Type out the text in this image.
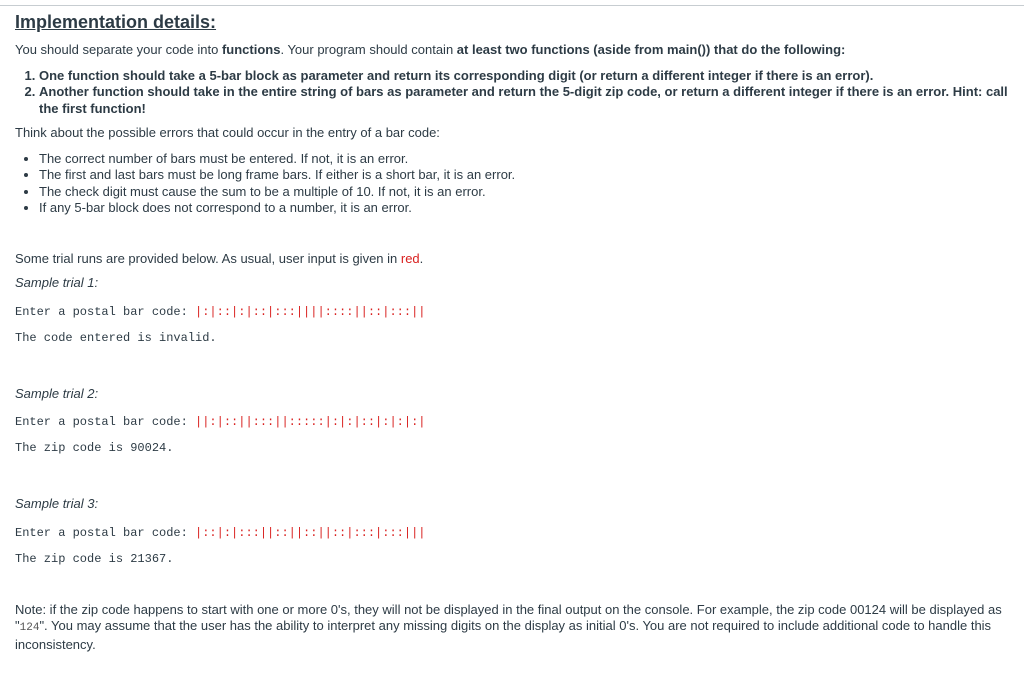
Implementation details:

You should separate your code into functions. Your program should contain at least two functions (aside from main()) that do the following:

1. One function should take a 5-bar block as parameter and return its corresponding digit (or return a different integer if there is an error).
2. Another function should take in the entire string of bars as parameter and return the 5-digit zip code, or return a different integer if there is an error. Hint: call the first function!

Think about the possible errors that could occur in the entry of a bar code:

• The correct number of bars must be entered. If not, it is an error.
• The first and last bars must be long frame bars. If either is a short bar, it is an error.
• The check digit must cause the sum to be a multiple of 10. If not, it is an error.
• If any 5-bar block does not correspond to a number, it is an error.

Some trial runs are provided below. As usual, user input is given in red.

Sample trial 1:

Enter a postal bar code: |:|::|:|::|:::||||::::||::|:::||
The code entered is invalid.

Sample trial 2:

Enter a postal bar code: ||:|::||:::||:::::|:|:|::|:|:|:|
The zip code is 90024.

Sample trial 3:

Enter a postal bar code: |::|:|:::||::||::||::|:::|:::|||
The zip code is 21367.

Note: if the zip code happens to start with one or more 0's, they will not be displayed in the final output on the console. For example, the zip code 00124 will be displayed as "124". You may assume that the user has the ability to interpret any missing digits on the display as initial 0's. You are not required to include additional code to handle this inconsistency.
